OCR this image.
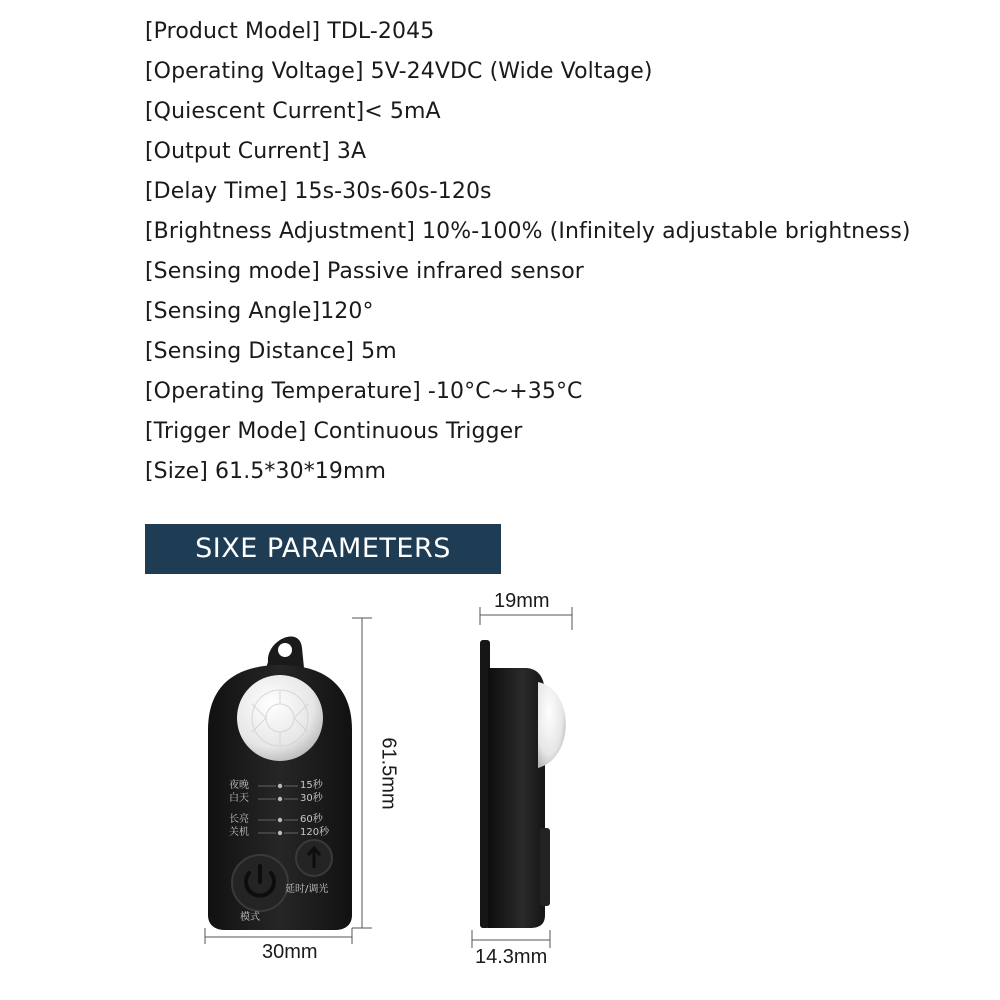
[Product Model] TDL-2045
[Operating Voltage] 5V-24VDC (Wide Voltage)
[Quiescent Current]< 5mA
[Output Current] 3A
[Delay Time] 15s-30s-60s-120s
[Brightness Adjustment] 10%-100% (Infinitely adjustable brightness)
[Sensing mode] Passive infrared sensor
[Sensing Angle]120°
[Sensing Distance] 5m
[Operating Temperature] -10°C~+35°C
[Trigger Mode] Continuous Trigger
[Size] 61.5*30*19mm
SIXE PARAMETERS
夜晚
白天
长亮
关机
15秒
30秒
60秒
120秒
模式
延时/调光
61.5mm
30mm
19mm
14.3mm
